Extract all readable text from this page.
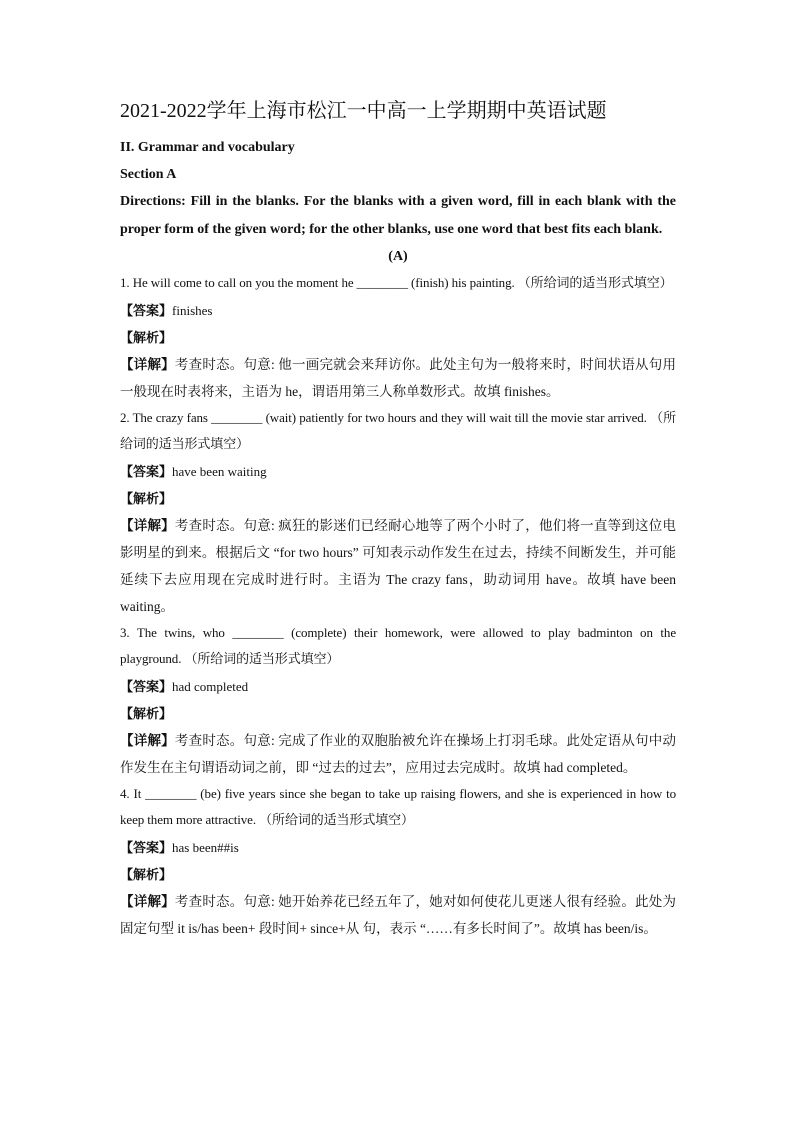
2021-2022学年上海市松江一中高一上学期期中英语试题
II. Grammar and vocabulary
Section A

Directions: Fill in the blanks. For the blanks with a given word, fill in each blank with the proper form of the given word; for the other blanks, use one word that best fits each blank.

(A)

1. He will come to call on you the moment he ________ (finish) his painting. （所给词的适当形式填空）

【答案】finishes

【解析】

【详解】考查时态。句意: 他一画完就会来拜访你。此处主句为一般将来时，时间状语从句用一般现在时表将来，主语为 he，谓语用第三人称单数形式。故填 finishes。

2. The crazy fans ________ (wait) patiently for two hours and they will wait till the movie star arrived. （所给词的适当形式填空）

【答案】have been waiting

【解析】

【详解】考查时态。句意: 疯狂的影迷们已经耐心地等了两个小时了，他们将一直等到这位电影明星的到来。根据后文 “for two hours” 可知表示动作发生在过去，持续不间断发生，并可能延续下去应用现在完成时进行时。主语为 The crazy fans，助动词用 have。故填 have been waiting。

3. The twins, who ________ (complete) their homework, were allowed to play badminton on the playground. （所给词的适当形式填空）

【答案】had completed

【解析】

【详解】考查时态。句意: 完成了作业的双胞胎被允许在操场上打羽毛球。此处定语从句中动作发生在主句谓语动词之前，即 “过去的过去”，应用过去完成时。故填 had completed。

4. It ________ (be) five years since she began to take up raising flowers, and she is experienced in how to keep them more attractive. （所给词的适当形式填空）

【答案】has been##is

【解析】

【详解】考查时态。句意: 她开始养花已经五年了，她对如何使花儿更迷人很有经验。此处为固定句型 it is/has been+ 段时间+ since+从 句，表示 “……有多长时间了”。故填 has been/is。
